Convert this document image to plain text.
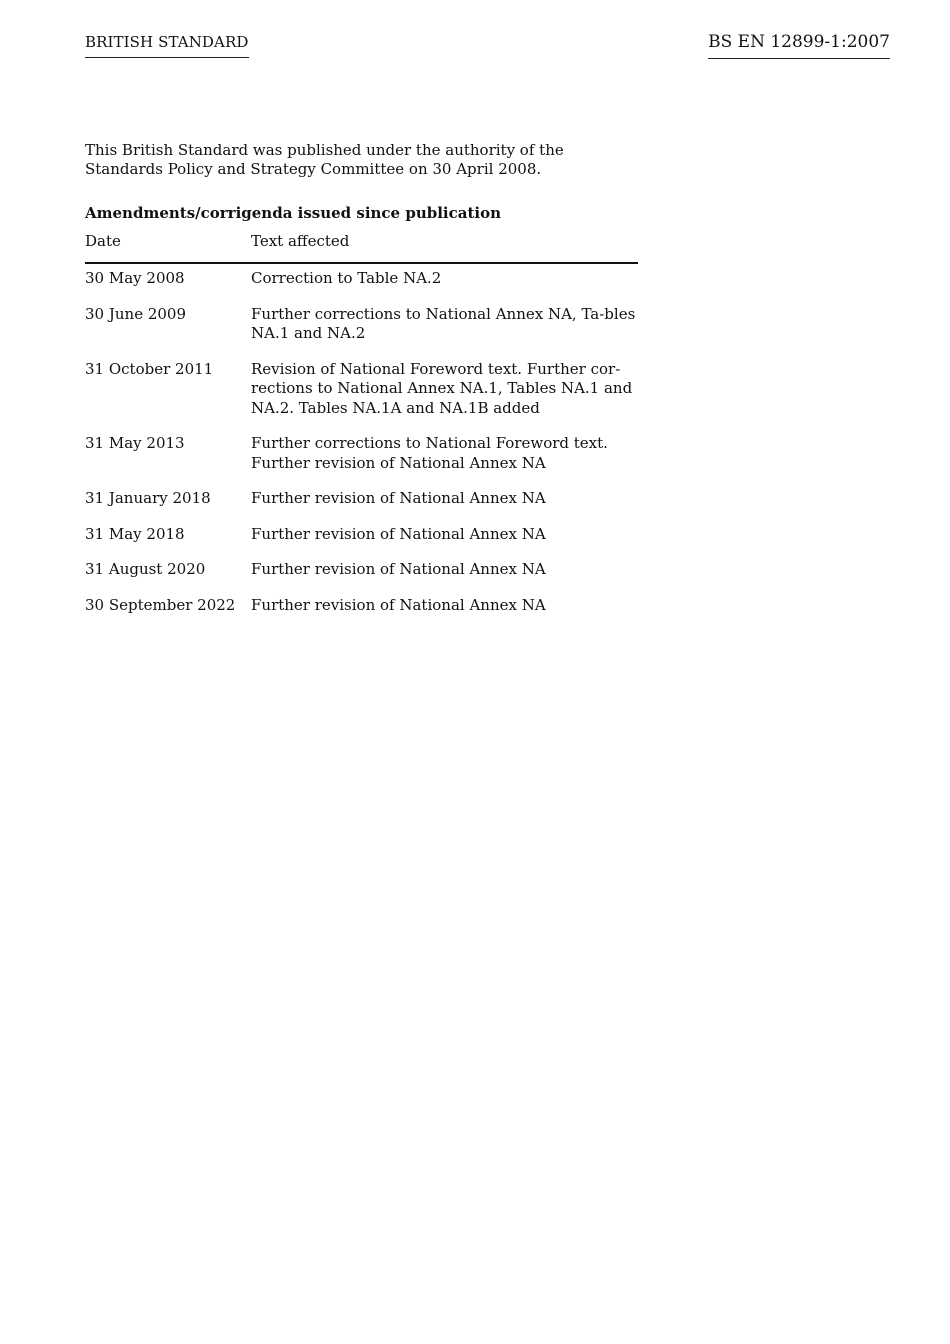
BRITISH STANDARD	BS EN 12899-1:2007

This British Standard was published under the authority of the

Standards Policy and Strategy Committee on 30 April 2008.

Amendments/corrigenda issued since publication
Date	Text affected
30 May 2008	Correction to Table NA.2
30 June 2009	Further corrections to National Annex NA, Ta-bles
NA.1 and NA.2
31 October 2011	Revision of National Foreword text. Further cor-
rections to National Annex NA.1, Tables NA.1 and
NA.2. Tables NA.1A and NA.1B added
31 May 2013	Further corrections to National Foreword text.
Further revision of National Annex NA
31 January 2018	Further revision of National Annex NA
31 May 2018	Further revision of National Annex NA
31 August 2020	Further revision of National Annex NA
30 September 2022	Further revision of National Annex NA
